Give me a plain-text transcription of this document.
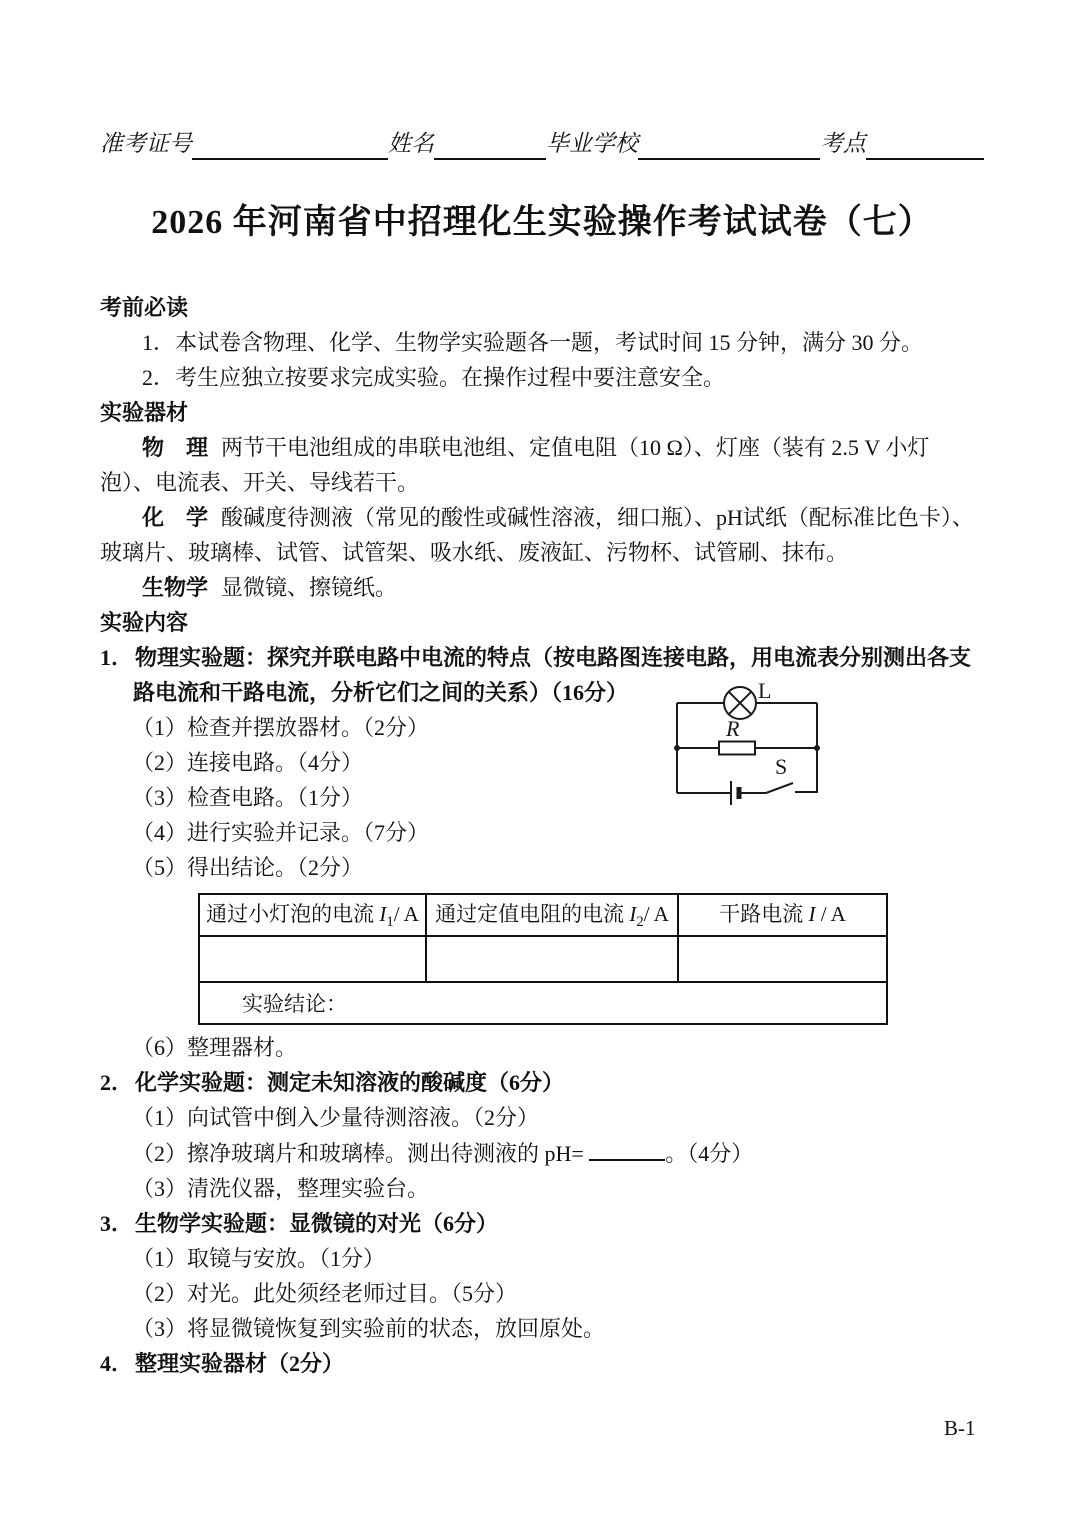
准考证号	姓名	毕业学校	考点
2026 年河南省中招理化生实验操作考试试卷（七）

考前必读

1．本试卷含物理、化学、生物学实验题各一题，考试时间 15 分钟，满分 30 分。

2．考生应独立按要求完成实验。在操作过程中要注意安全。

实验器材

物　理 两节干电池组成的串联电池组、定值电阻（10 Ω）、灯座（装有 2.5 V 小灯泡）、电流表、开关、导线若干。

化　学 酸碱度待测液（常见的酸性或碱性溶液，细口瓶）、pH试纸（配标准比色卡）、玻璃片、玻璃棒、试管、试管架、吸水纸、废液缸、污物杯、试管刷、抹布。

生物学 显微镜、擦镜纸。

实验内容

1．物理实验题：探究并联电路中电流的特点（按电路图连接电路，用电流表分别测出各支路电流和干路电流，分析它们之间的关系）（16分）

（1）检查并摆放器材。（2分）

（2）连接电路。（4分）

（3）检查电路。（1分）

（4）进行实验并记录。（7分）

（5）得出结论。（2分）

通过小灯泡的电流 $I_1/$ A	通过定值电阻的电流 $I_2/$ A	干路电流 I / A

实验结论：		

（6）整理器材。

2．化学实验题：测定未知溶液的酸碱度（6分）

（1）向试管中倒入少量待测溶液。（2分）

（2）擦净玻璃片和玻璃棒。测出待测液的 pH=	。（4分）

（3）清洗仪器，整理实验台。

3．生物学实验题：显微镜的对光（6分）

（1）取镜与安放。（1分）

（2）对光。此处须经老师过目。（5分）

（3）将显微镜恢复到实验前的状态，放回原处。

4．整理实验器材（2分）

L
R
S
B-1
